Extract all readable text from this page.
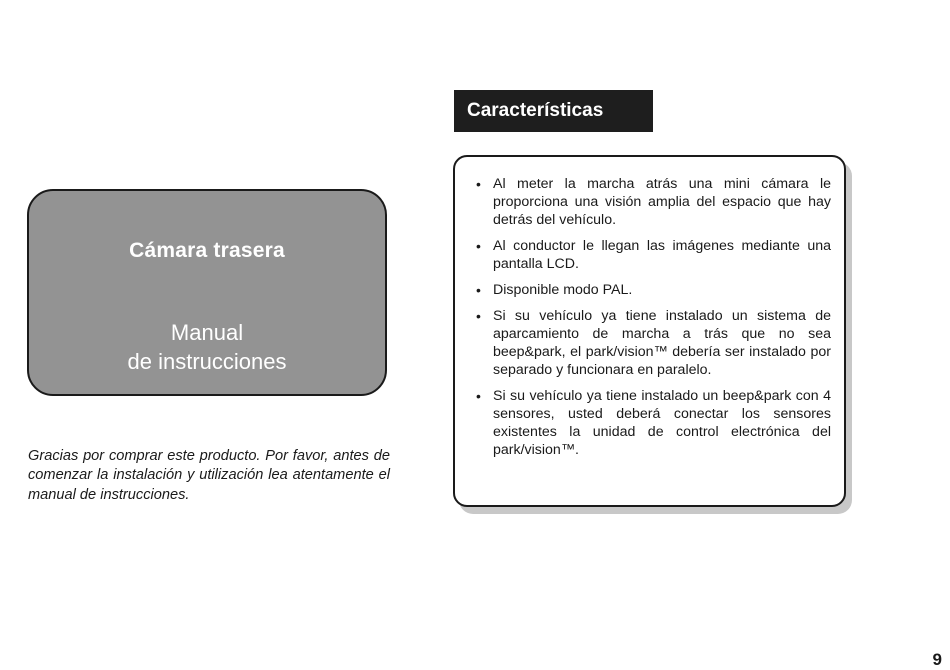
Cámara trasera
Manual
de instrucciones

Gracias por comprar este producto. Por favor, antes de comenzar la instalación y utilización lea atentamente el manual de instrucciones.

Características
• Al meter la marcha atrás una mini cámara le proporciona una visión amplia del espacio que hay detrás del vehículo.
• Al conductor le llegan las imágenes mediante una pantalla LCD.
• Disponible modo PAL.
• Si su vehículo ya tiene instalado un sistema de aparcamiento de marcha a trás que no sea beep&park, el park/vision™ debería ser instalado por separado y funcionara en paralelo.
• Si su vehículo ya tiene instalado un beep&park con 4 sensores, usted deberá conectar los sensores existentes la unidad de control electrónica del park/vision™.
9
